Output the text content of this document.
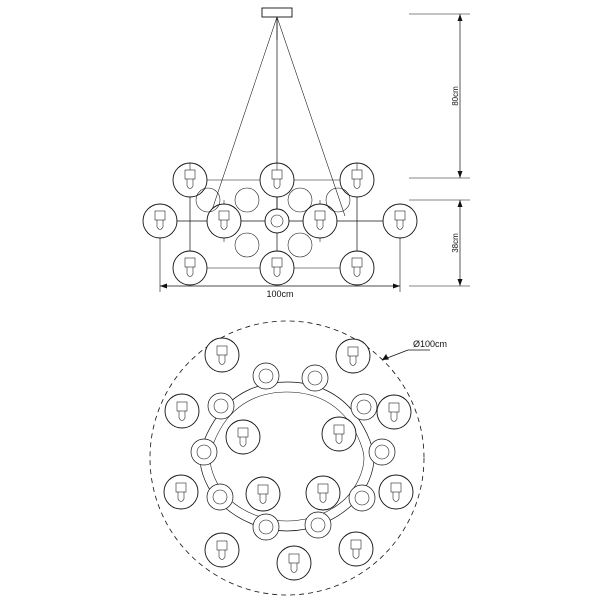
80cm
38cm
100cm
Ø100cm
